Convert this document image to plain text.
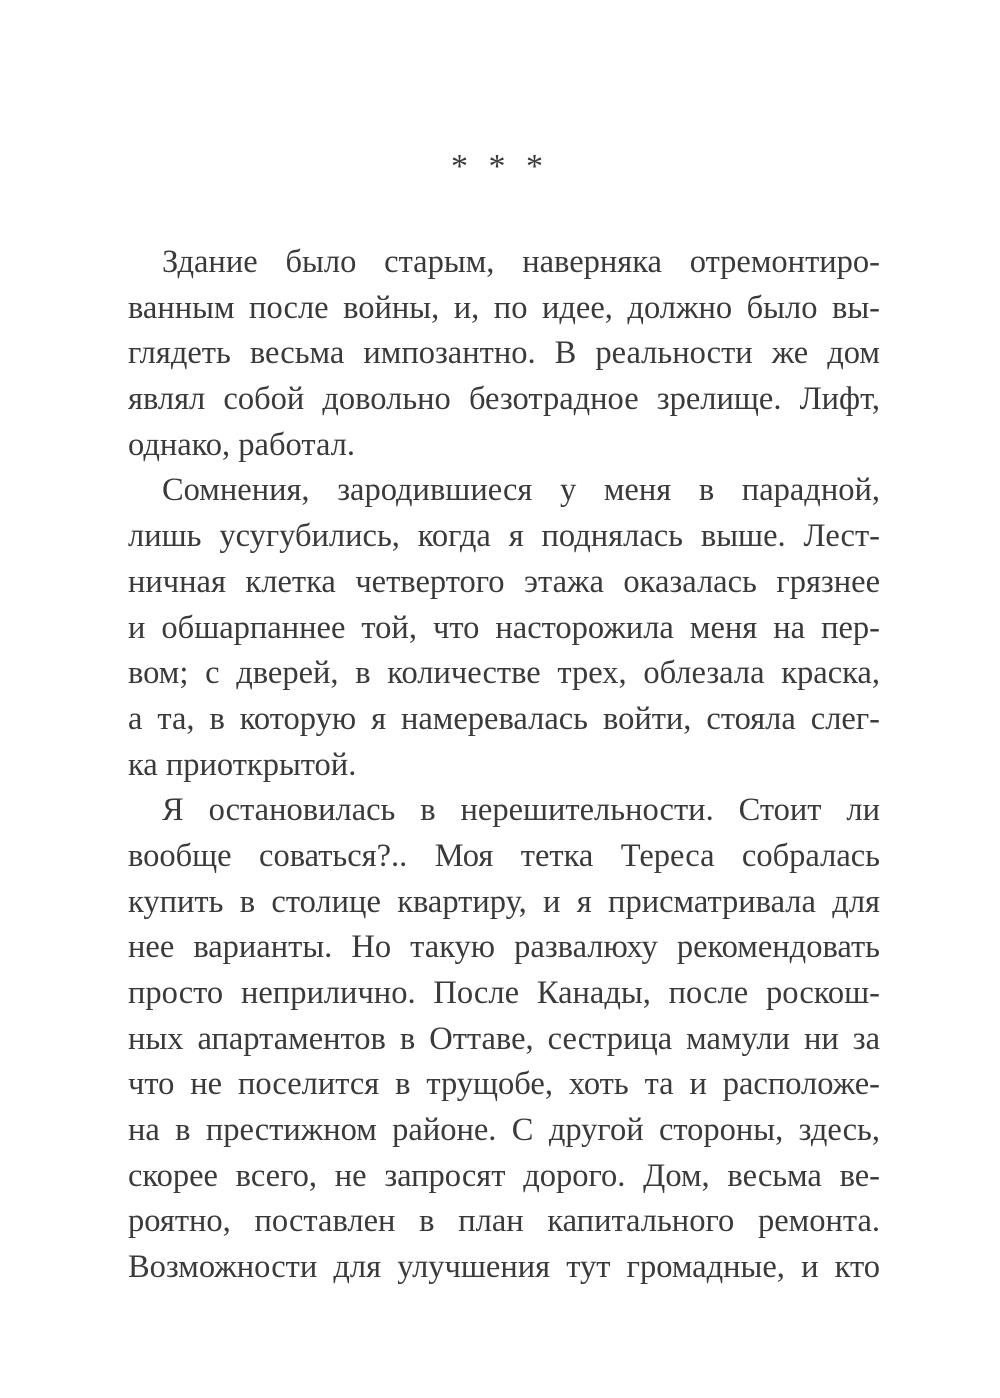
* * *
Здание было старым, наверняка отремонтиро-
ванным после войны, и, по идее, должно было вы-
глядеть весьма импозантно. В реальности же дом
являл собой довольно безотрадное зрелище. Лифт,
однако, работал.
Сомнения, зародившиеся у меня в парадной,
лишь усугубились, когда я поднялась выше. Лест-
ничная клетка четвертого этажа оказалась грязнее
и обшарпаннее той, что насторожила меня на пер-
вом; с дверей, в количестве трех, облезала краска,
а та, в которую я намеревалась войти, стояла слег-
ка приоткрытой.
Я остановилась в нерешительности. Стоит ли
вообще соваться?.. Моя тетка Тереса собралась
купить в столице квартиру, и я присматривала для
нее варианты. Но такую развалюху рекомендовать
просто неприлично. После Канады, после роскош-
ных апартаментов в Оттаве, сестрица мамули ни за
что не поселится в трущобе, хоть та и расположе-
на в престижном районе. С другой стороны, здесь,
скорее всего, не запросят дорого. Дом, весьма ве-
роятно, поставлен в план капитального ремонта.
Возможности для улучшения тут громадные, и кто
